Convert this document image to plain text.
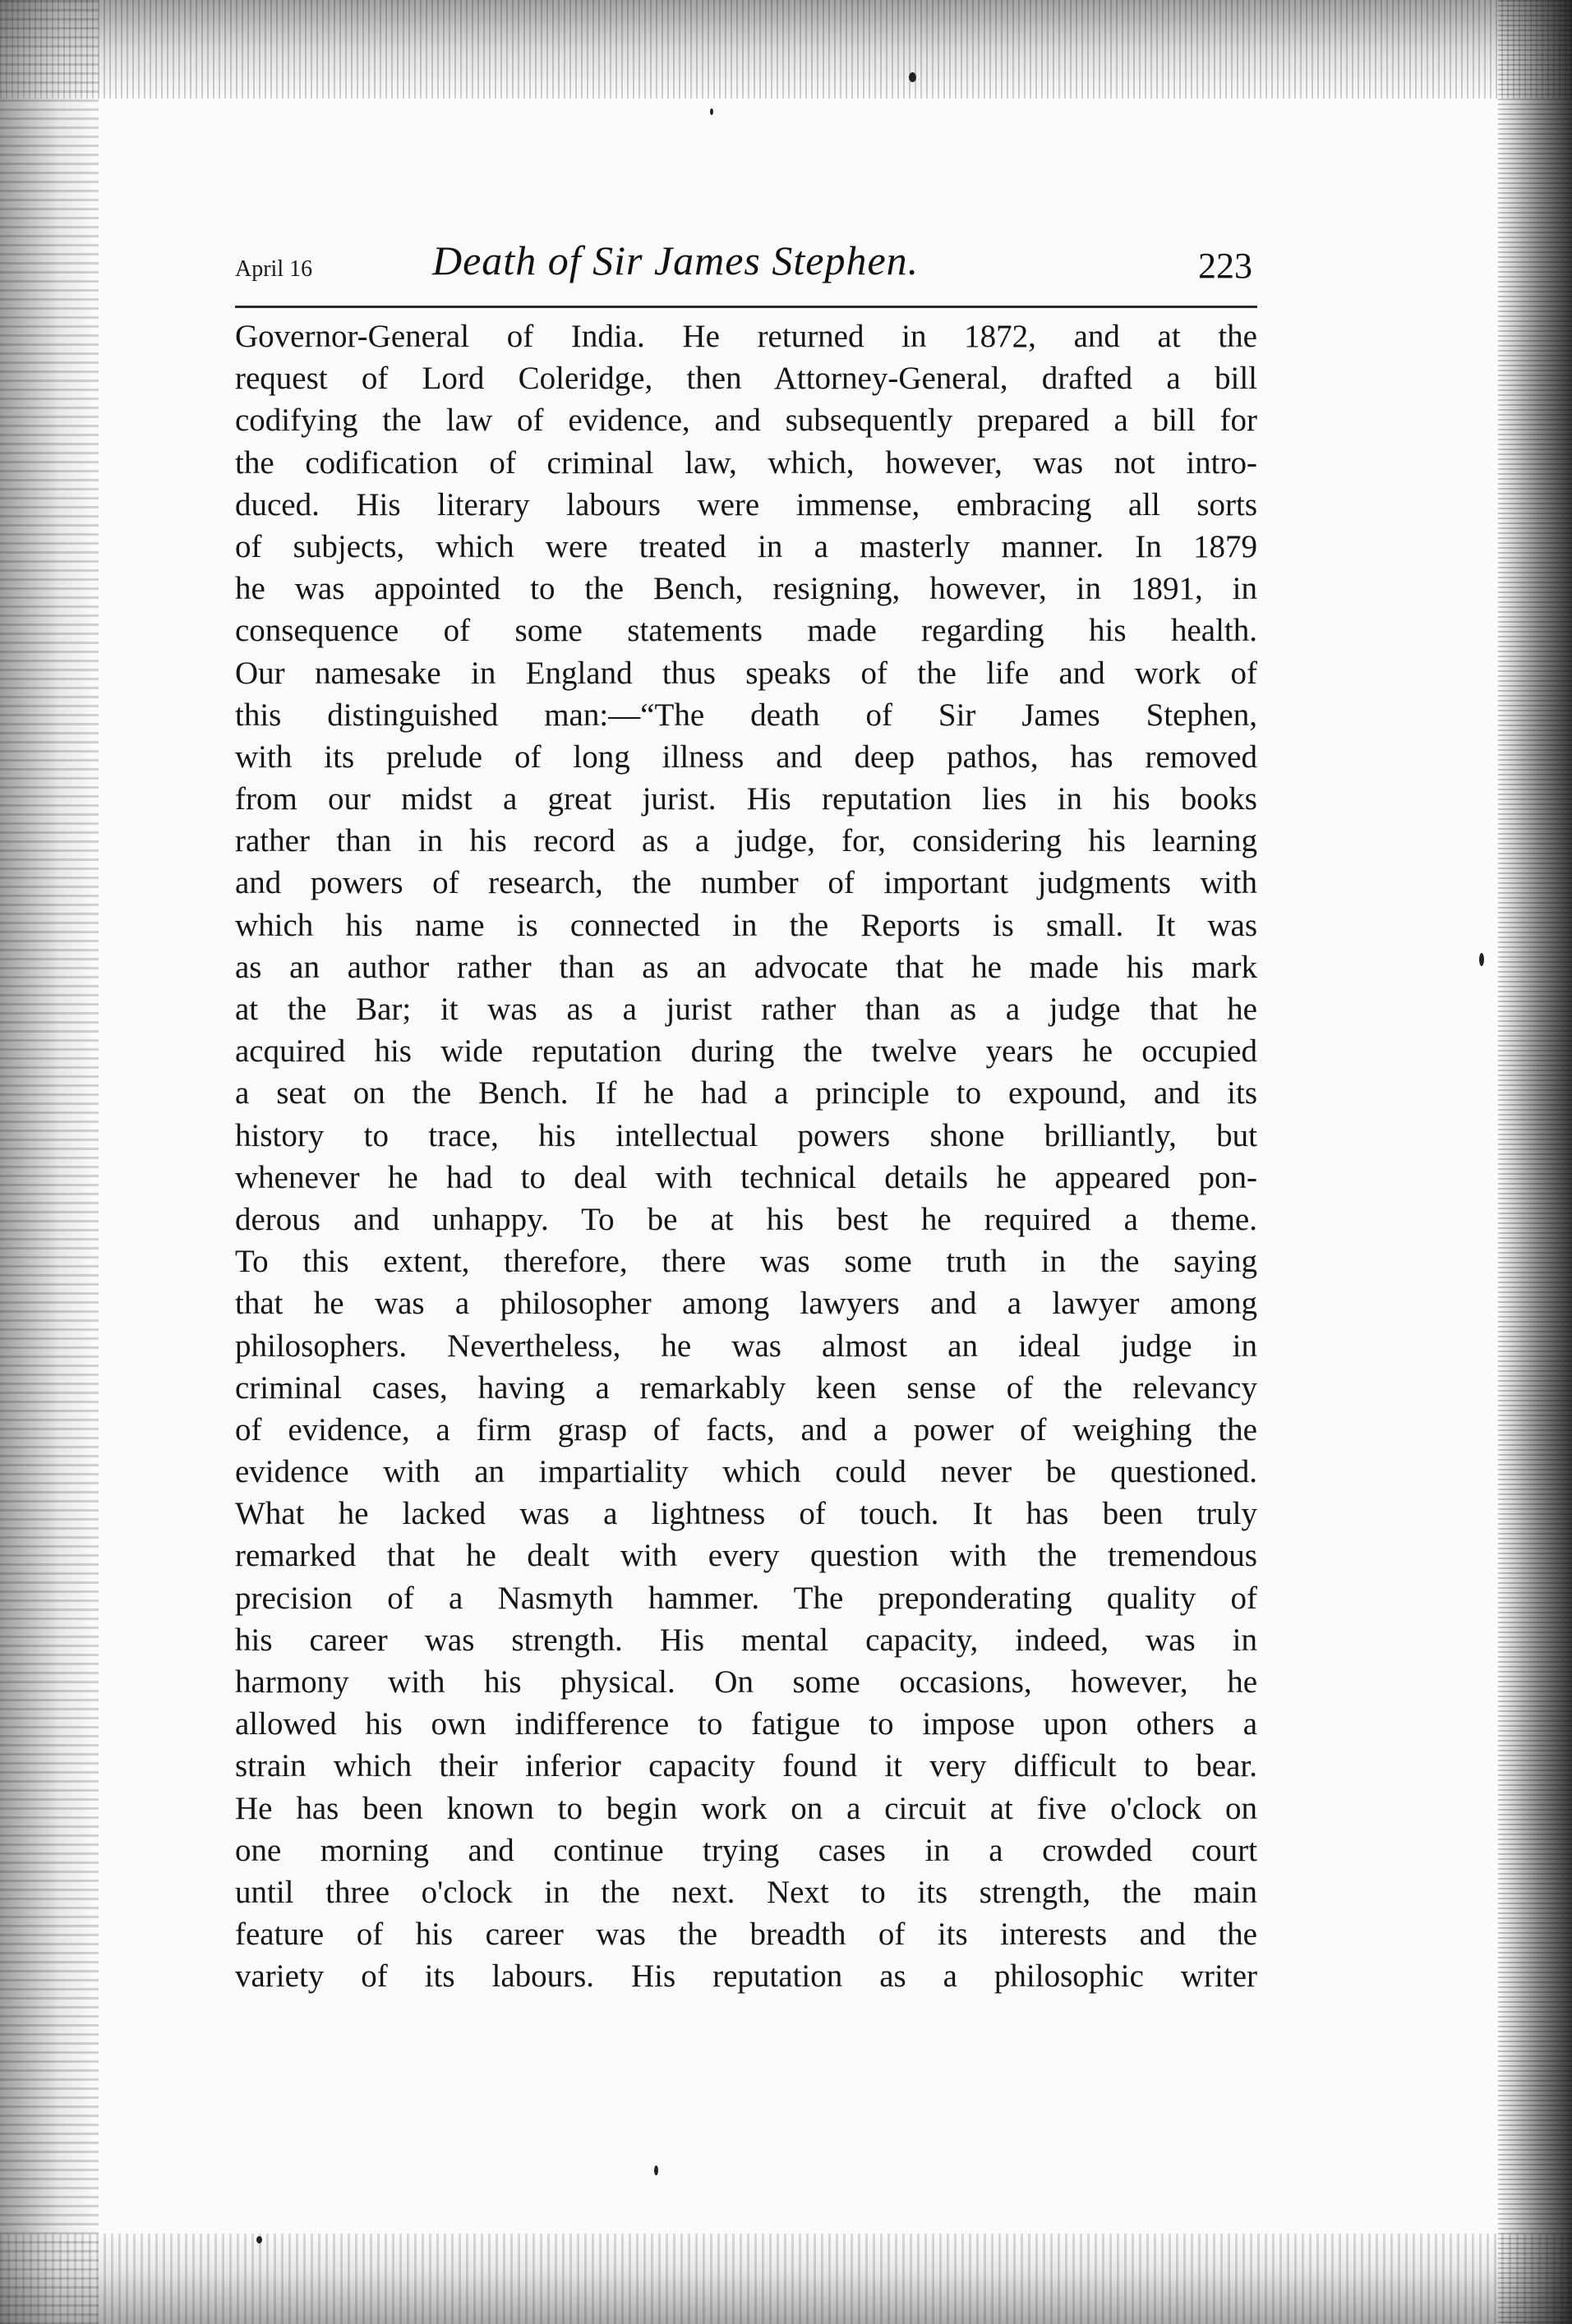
April 16	Death of Sir James Stephen.	223
Governor-General of India. He returned in 1872, and at the
request of Lord Coleridge, then Attorney-General, drafted a bill
codifying the law of evidence, and subsequently prepared a bill for
the codification of criminal law, which, however, was not intro-
duced. His literary labours were immense, embracing all sorts
of subjects, which were treated in a masterly manner. In 1879
he was appointed to the Bench, resigning, however, in 1891, in
consequence of some statements made regarding his health.
Our namesake in England thus speaks of the life and work of
this distinguished man:—“The death of Sir James Stephen,
with its prelude of long illness and deep pathos, has removed
from our midst a great jurist. His reputation lies in his books
rather than in his record as a judge, for, considering his learning
and powers of research, the number of important judgments with
which his name is connected in the Reports is small. It was
as an author rather than as an advocate that he made his mark
at the Bar; it was as a jurist rather than as a judge that he
acquired his wide reputation during the twelve years he occupied
a seat on the Bench. If he had a principle to expound, and its
history to trace, his intellectual powers shone brilliantly, but
whenever he had to deal with technical details he appeared pon-
derous and unhappy. To be at his best he required a theme.
To this extent, therefore, there was some truth in the saying
that he was a philosopher among lawyers and a lawyer among
philosophers. Nevertheless, he was almost an ideal judge in
criminal cases, having a remarkably keen sense of the relevancy
of evidence, a firm grasp of facts, and a power of weighing the
evidence with an impartiality which could never be questioned.
What he lacked was a lightness of touch. It has been truly
remarked that he dealt with every question with the tremendous
precision of a Nasmyth hammer. The preponderating quality of
his career was strength. His mental capacity, indeed, was in
harmony with his physical. On some occasions, however, he
allowed his own indifference to fatigue to impose upon others a
strain which their inferior capacity found it very difficult to bear.
He has been known to begin work on a circuit at five o'clock on
one morning and continue trying cases in a crowded court
until three o'clock in the next. Next to its strength, the main
feature of his career was the breadth of its interests and the
variety of its labours. His reputation as a philosophic writer
